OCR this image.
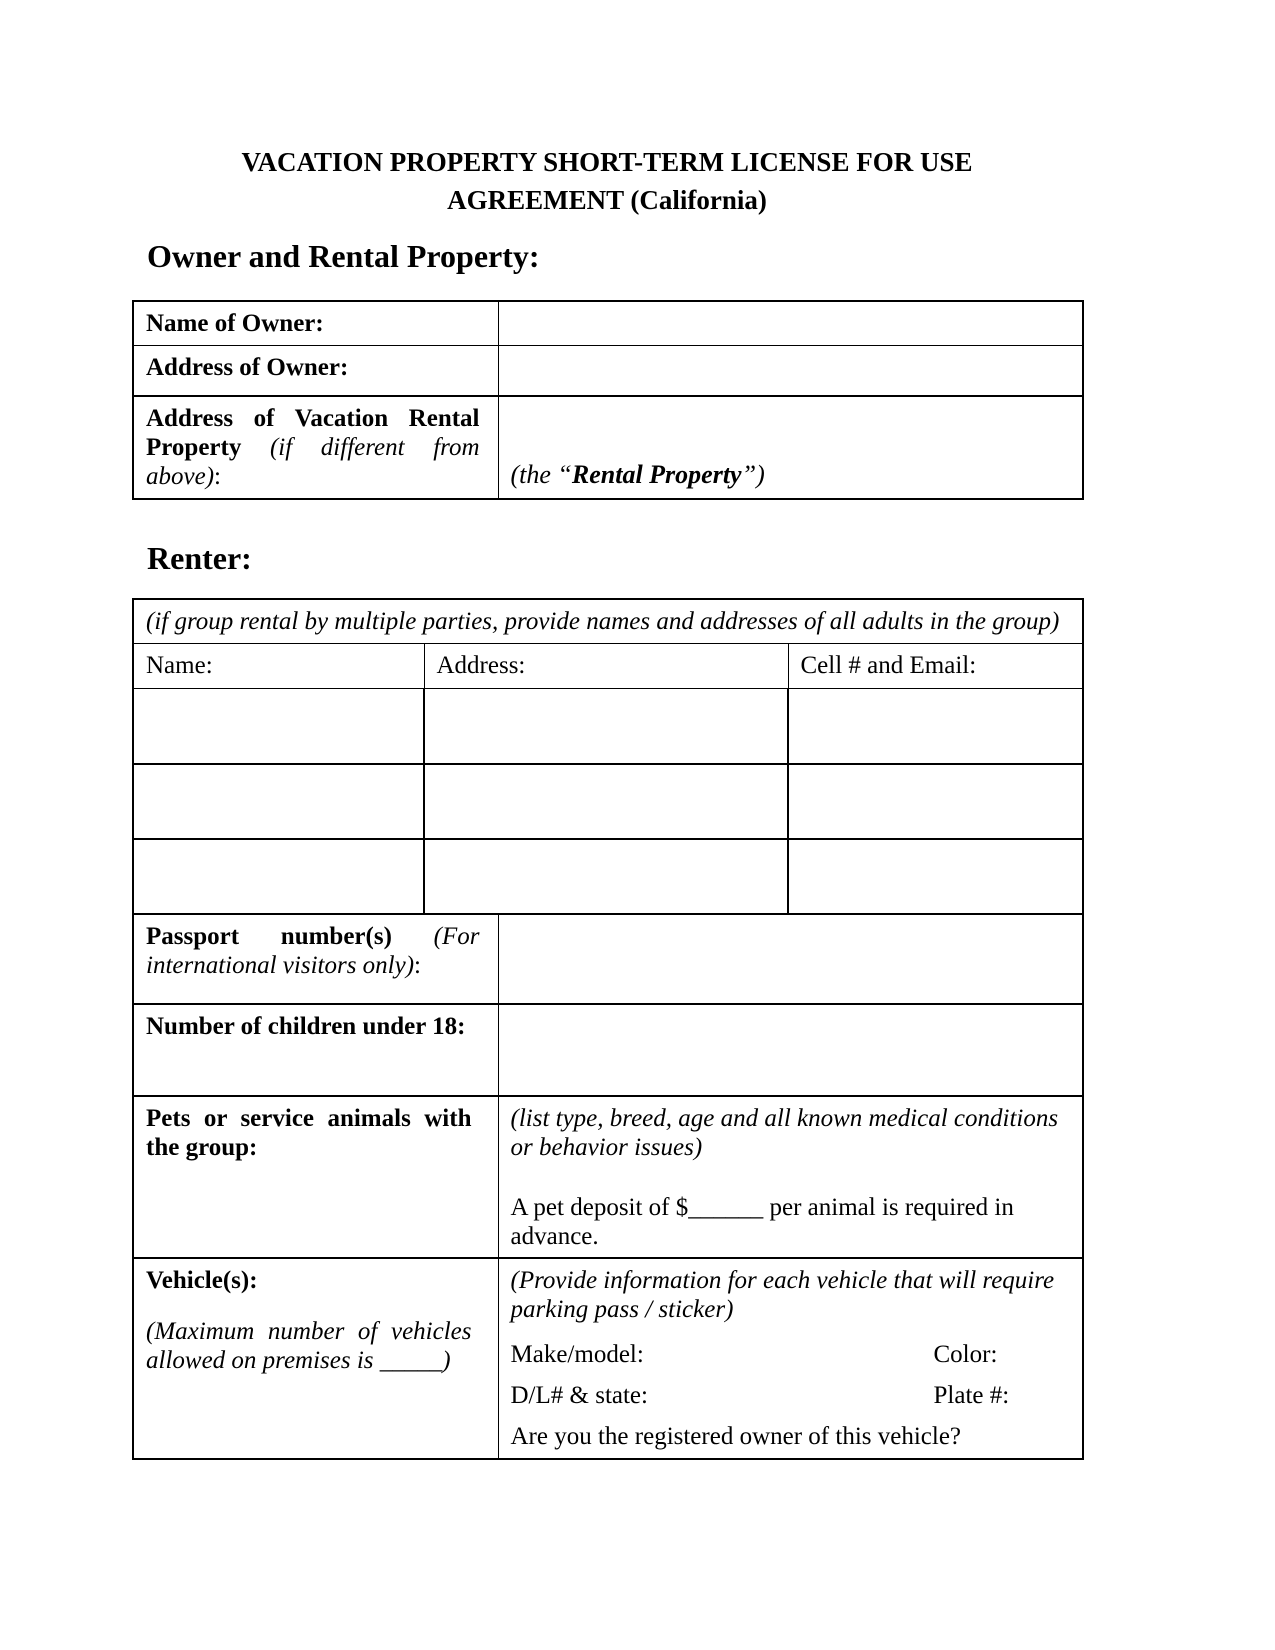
VACATION PROPERTY SHORT-TERM LICENSE FOR USE
AGREEMENT (California)
Owner and Rental Property:
Name of Owner:	
Address of Owner:	
Address of Vacation Rental Property (if different from above):	(the “Rental Property”)
Renter:
(if group rental by multiple parties, provide names and addresses of all adults in the group)			
Name:	Address:		Cell # and Email:

Passport number(s) (For international visitors only):			
Number of children under 18:			
Pets or service animals with the group:		(list type, breed, age and all known medical conditions or behavior issues)
A pet deposit of $______ per animal is required in advance.	

Vehicle(s):
(Maximum number of vehicles allowed on premises is _____)

(Provide information for each vehicle that will require parking pass / sticker)
Make/model:	Color:
D/L# & state:	Plate #:
Are you the registered owner of this vehicle?
